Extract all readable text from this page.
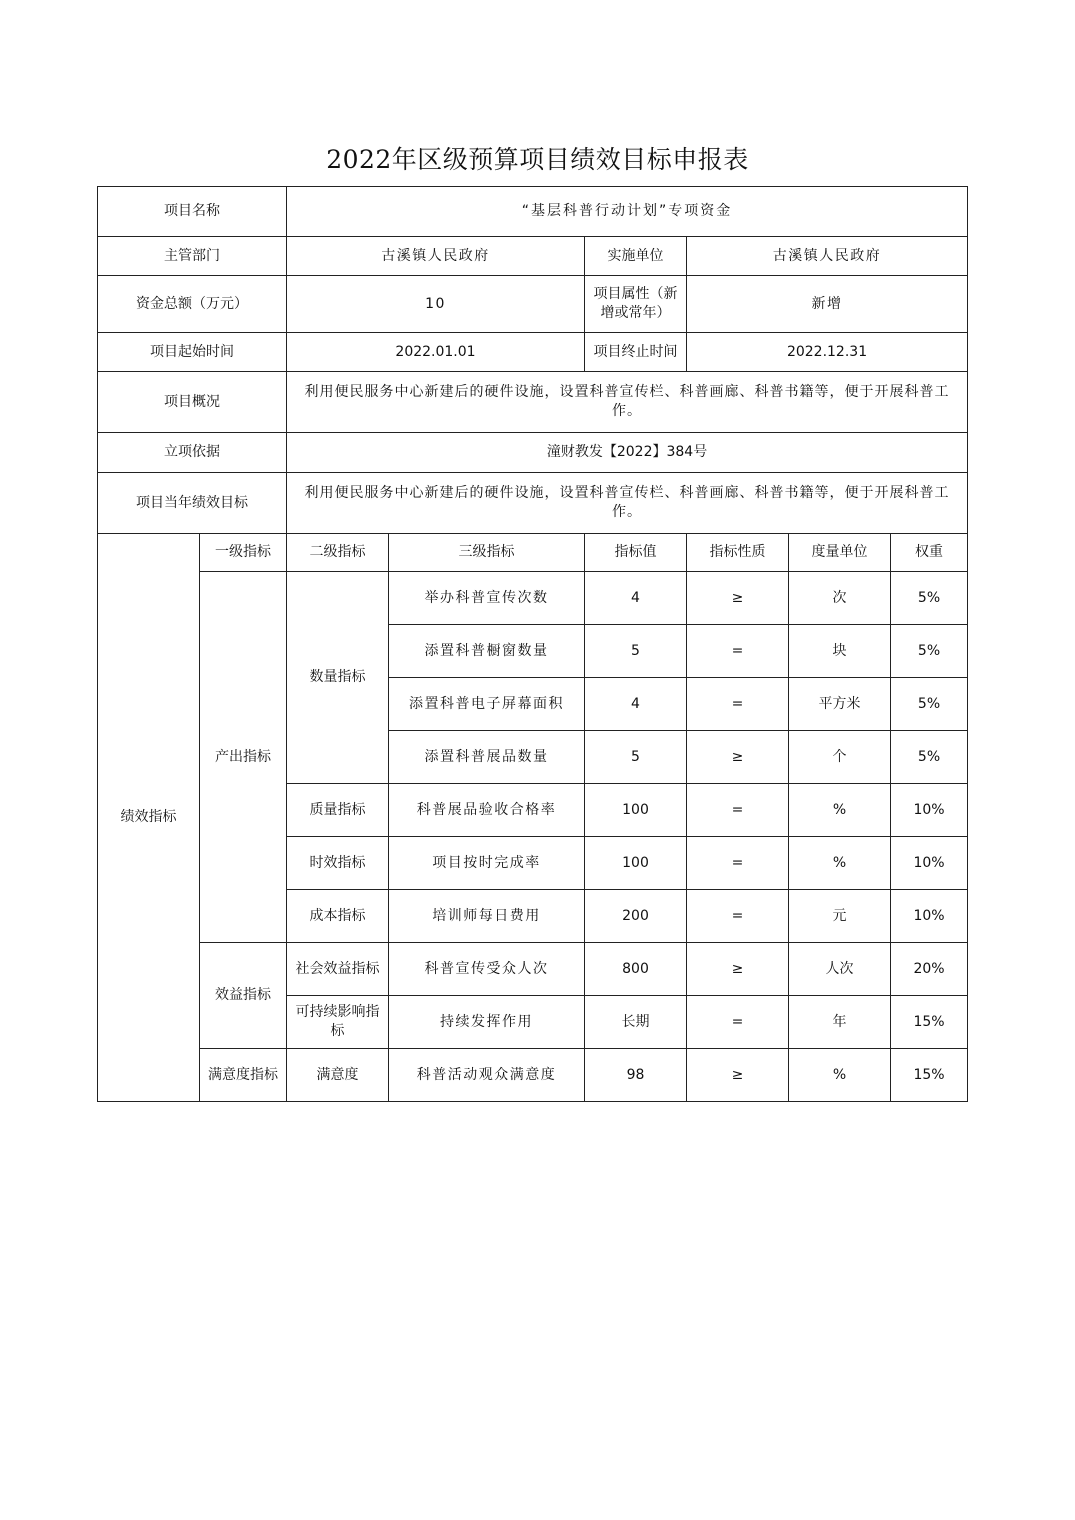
2022年区级预算项目绩效目标申报表
项目名称		“基层科普行动计划”专项资金					
主管部门		古溪镇人民政府		实施单位	古溪镇人民政府		
资金总额（万元）		10		项目属性（新增或常年）	新增		
项目起始时间		2022.01.01		项目终止时间	2022.12.31		
项目概况		利用便民服务中心新建后的硬件设施，设置科普宣传栏、科普画廊、科普书籍等，便于开展科普工作。					
立项依据		潼财教发【2022】384号					
项目当年绩效目标		利用便民服务中心新建后的硬件设施，设置科普宣传栏、科普画廊、科普书籍等，便于开展科普工作。					
绩效指标	一级指标	二级指标	三级指标	指标值	指标性质	度量单位	权重
	产出指标	数量指标	举办科普宣传次数	4	≥	次	5%
			添置科普橱窗数量	5	=	块	5%
			添置科普电子屏幕面积	4	=	平方米	5%
			添置科普展品数量	5	≥	个	5%
		质量指标	科普展品验收合格率	100	=	%	10%
		时效指标	项目按时完成率	100	=	%	10%
		成本指标	培训师每日费用	200	=	元	10%
	效益指标	社会效益指标	科普宣传受众人次	800	≥	人次	20%
		可持续影响指标	持续发挥作用	长期	=	年	15%
	满意度指标	满意度	科普活动观众满意度	98	≥	%	15%
